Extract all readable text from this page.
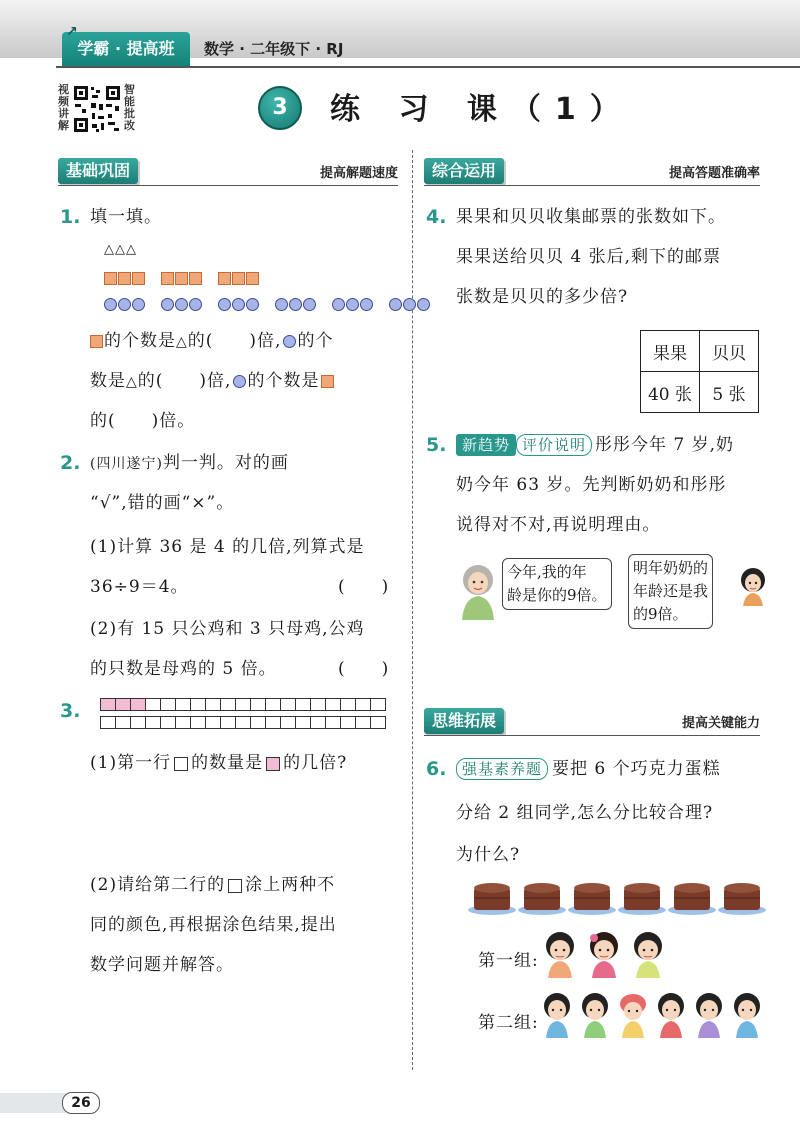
↗
学霸 · 提高班	数学 · 二年级下 · RJ
视频讲解
智能批改
3	练 习 课（1）
基础巩固	提高解题速度	综合运用	提高答题准确率
思维拓展	提高关键能力
1. 填一填。
△△△

的个数是△的(　　)倍, 的个
数是△的(　　)倍, 的个数是
的(　　)倍。
2. (四川遂宁)判一判。对的画
“√”,错的画“×”。
(1)计算 36 是 4 的几倍,列算式是
36÷9＝4。	(　　)
(2)有 15 只公鸡和 3 只母鸡,公鸡
的只数是母鸡的 5 倍。	(　　)
3.
(1)第一行 的数量是 的几倍?
(2)请给第二行的 涂上两种不
同的颜色,再根据涂色结果,提出
数学问题并解答。
4. 果果和贝贝收集邮票的张数如下。
果果送给贝贝 4 张后,剩下的邮票
张数是贝贝的多少倍?
果果	贝贝
40 张	5 张
5.	新趋势 评价说明 彤彤今年 7 岁,奶
奶今年 63 岁。先判断奶奶和彤彤
说得对不对,再说明理由。
今年,我的年
龄是你的9倍。
明年奶奶的
年龄还是我
的9倍。
6.	强基素养题 要把 6 个巧克力蛋糕
分给 2 组同学,怎么分比较合理?
为什么?
第一组:
第二组:
26
